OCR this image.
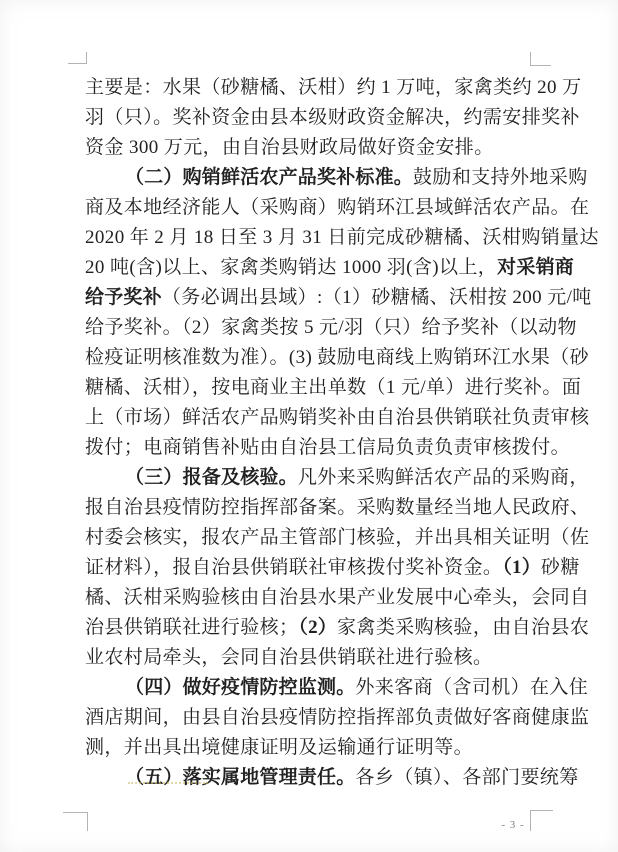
主要是：水果（砂糖橘、沃柑）约 1 万吨，家禽类约 20 万
羽（只）。奖补资金由县本级财政资金解决，约需安排奖补
资金 300 万元，由自治县财政局做好资金安排。
（二）购销鲜活农产品奖补标准。鼓励和支持外地采购
商及本地经济能人（采购商）购销环江县域鲜活农产品。在
2020 年 2 月 18 日至 3 月 31 日前完成砂糖橘、沃柑购销量达
20 吨(含)以上、家禽类购销达 1000 羽(含)以上，对采销商
给予奖补（务必调出县域）:（1）砂糖橘、沃柑按 200 元/吨
给予奖补。（2）家禽类按 5 元/羽（只）给予奖补（以动物
检疫证明核准数为准）。(3) 鼓励电商线上购销环江水果（砂
糖橘、沃柑），按电商业主出单数（1 元/单）进行奖补。面
上（市场）鲜活农产品购销奖补由自治县供销联社负责审核
拨付；电商销售补贴由自治县工信局负责负责审核拨付。
（三）报备及核验。凡外来采购鲜活农产品的采购商，
报自治县疫情防控指挥部备案。采购数量经当地人民政府、
村委会核实，报农产品主管部门核验，并出具相关证明（佐
证材料），报自治县供销联社审核拨付奖补资金。（1）砂糖
橘、沃柑采购验核由自治县水果产业发展中心牵头，会同自
治县供销联社进行验核；（2）家禽类采购核验，由自治县农
业农村局牵头，会同自治县供销联社进行验核。
（四）做好疫情防控监测。外来客商（含司机）在入住
酒店期间，由县自治县疫情防控指挥部负责做好客商健康监
测，并出具出境健康证明及运输通行证明等。
（五）落实属地管理责任。各乡（镇）、各部门要统筹
- 3 -
